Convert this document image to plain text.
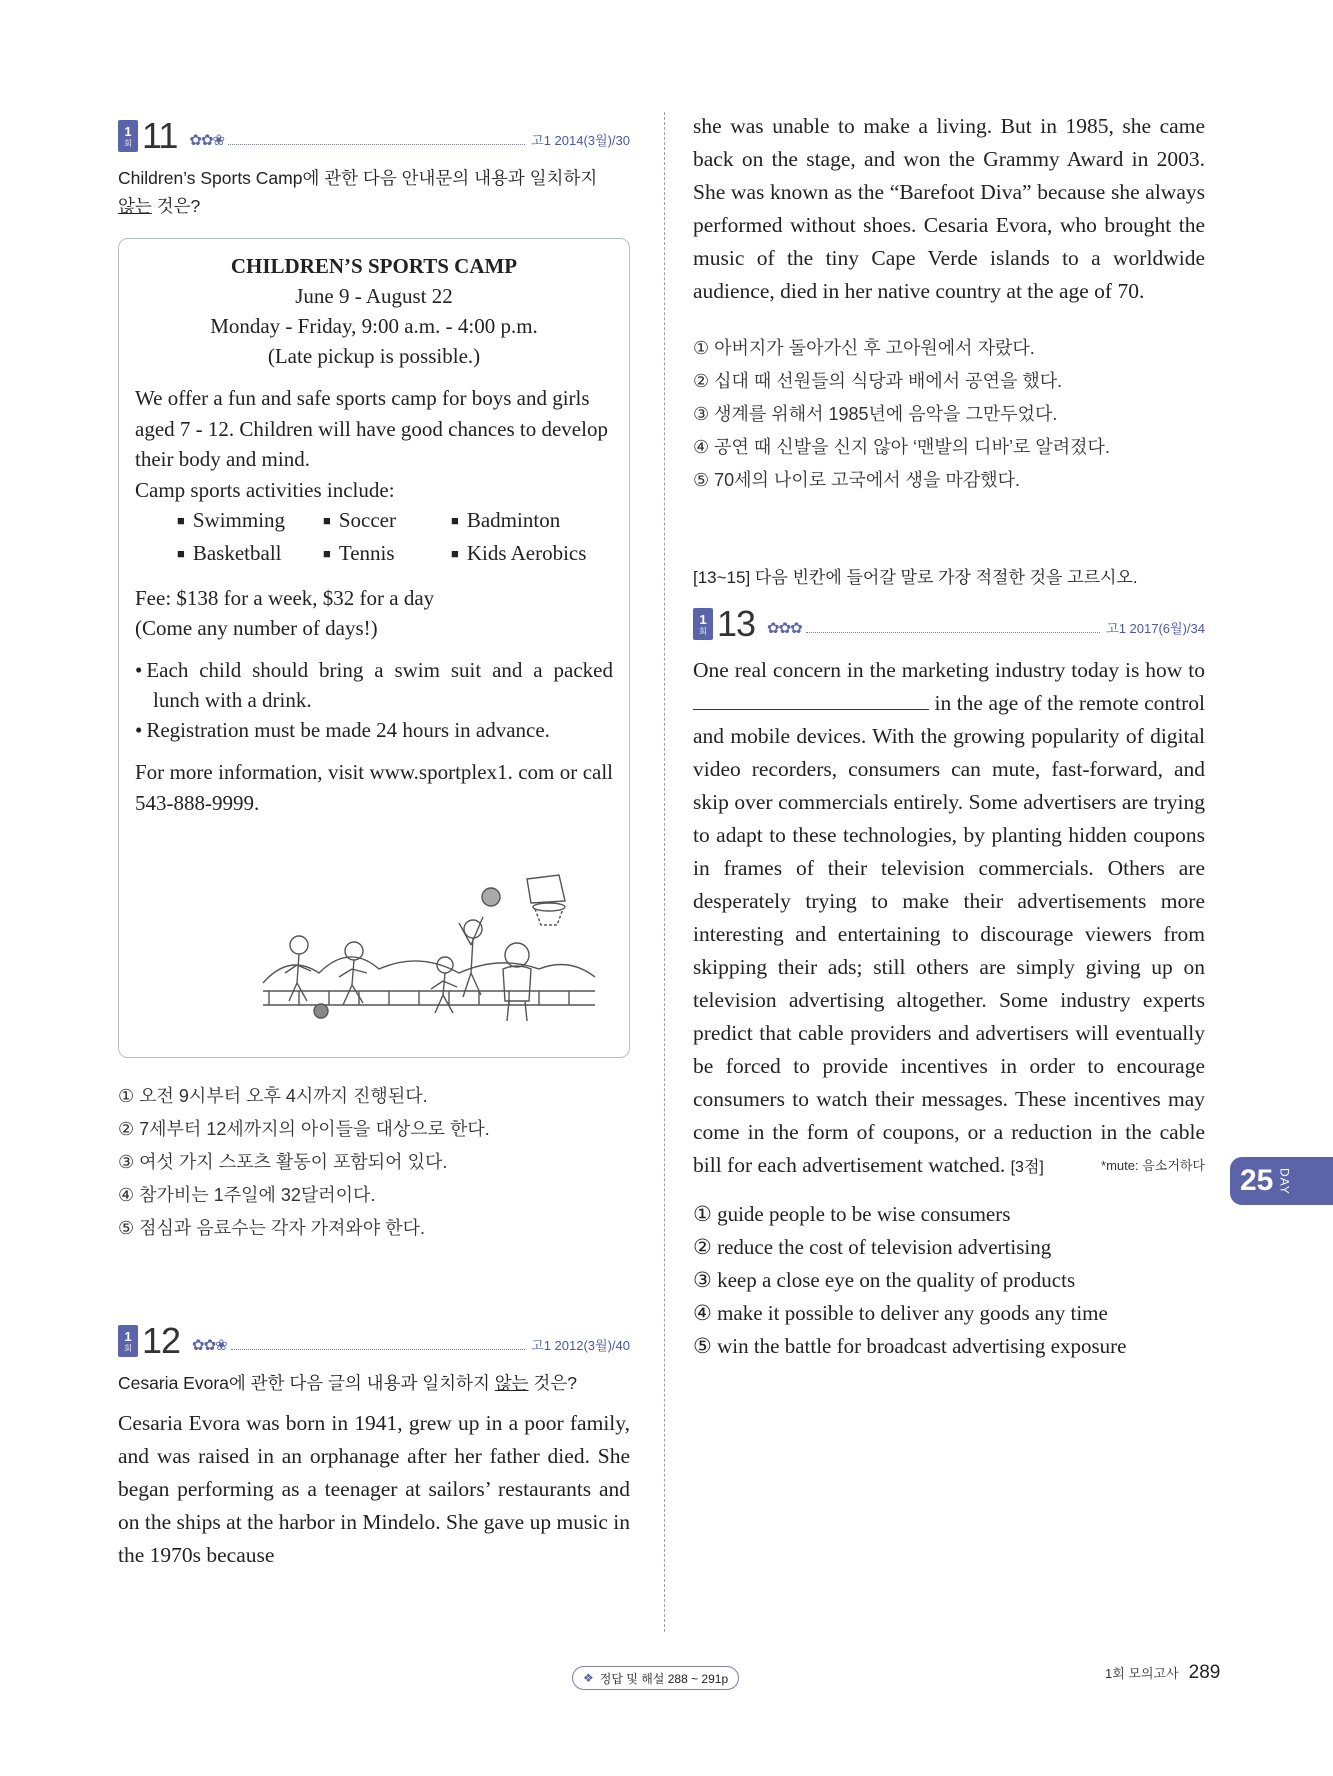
1
회 11 ✿✿❀	고1 2014(3월)/30
Children’s Sports Camp에 관한 다음 안내문의 내용과 일치하지
않는 것은?
CHILDREN’S SPORTS CAMP
June 9 - August 22
Monday - Friday, 9:00 a.m. - 4:00 p.m.
(Late pickup is possible.)
We offer a fun and safe sports camp for boys and girls aged 7 - 12. Children will have good chances to develop their body and mind.
Camp sports activities include:
■ Swimming	■ Soccer	■ Badminton
■ Basketball	■ Tennis	■ Kids Aerobics
Fee: $138 for a week, $32 for a day
(Come any number of days!)
• Each child should bring a swim suit and a packed lunch with a drink.
• Registration must be made 24 hours in advance.
For more information, visit www.sportplex1. com or call 543-888-9999.
① 오전 9시부터 오후 4시까지 진행된다.
② 7세부터 12세까지의 아이들을 대상으로 한다.
③ 여섯 가지 스포츠 활동이 포함되어 있다.
④ 참가비는 1주일에 32달러이다.
⑤ 점심과 음료수는 각자 가져와야 한다.
1
회 12 ✿✿❀	고1 2012(3월)/40
Cesaria Evora에 관한 다음 글의 내용과 일치하지 않는 것은?
Cesaria Evora was born in 1941, grew up in a poor family, and was raised in an orphanage after her father died. She began performing as a teenager at sailors’ restaurants and on the ships at the harbor in Mindelo. She gave up music in the 1970s because
she was unable to make a living. But in 1985, she came back on the stage, and won the Grammy Award in 2003. She was known as the “Barefoot Diva” because she always performed without shoes. Cesaria Evora, who brought the music of the tiny Cape Verde islands to a worldwide audience, died in her native country at the age of 70.
① 아버지가 돌아가신 후 고아원에서 자랐다.
② 십대 때 선원들의 식당과 배에서 공연을 했다.
③ 생계를 위해서 1985년에 음악을 그만두었다.
④ 공연 때 신발을 신지 않아 ‘맨발의 디바’로 알려졌다.
⑤ 70세의 나이로 고국에서 생을 마감했다.
[13~15] 다음 빈칸에 들어갈 말로 가장 적절한 것을 고르시오.
1
회 13 ✿✿✿	고1 2017(6월)/34
One real concern in the marketing industry today is how to  in the age of the remote control and mobile devices. With the growing popularity of digital video recorders, consumers can mute, fast-forward, and skip over commercials entirely. Some advertisers are trying to adapt to these technologies, by planting hidden coupons in frames of their television commercials. Others are desperately trying to make their advertisements more interesting and entertaining to discourage viewers from skipping their ads; still others are simply giving up on television advertising altogether. Some industry experts predict that cable providers and advertisers will eventually be forced to provide incentives in order to encourage consumers to watch their messages. These incentives may come in the form of coupons, or a reduction in the cable bill for each advertisement watched. [3점]	*mute: 음소거하다
① guide people to be wise consumers
② reduce the cost of television advertising
③ keep a close eye on the quality of products
④ make it possible to deliver any goods any time
⑤ win the battle for broadcast advertising exposure
25 DAY
❖ 정답 및 해설 288 ~ 291p	1회 모의고사 289
